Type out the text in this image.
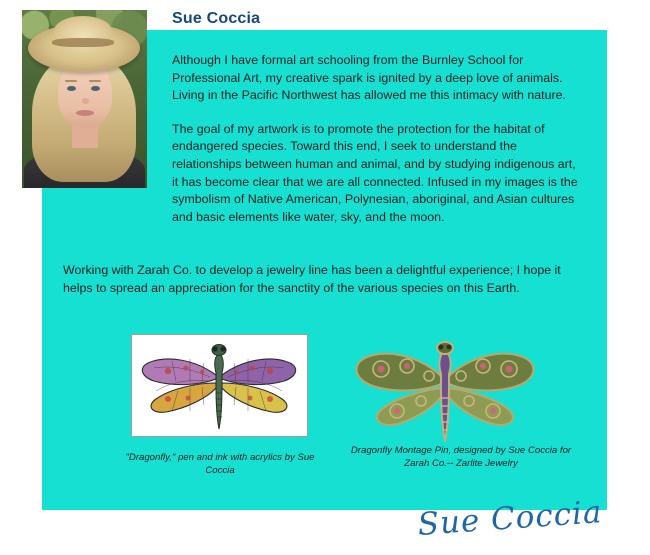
Sue Coccia

Although I have formal art schooling from the Burnley School for Professional Art, my creative spark is ignited by a deep love of animals. Living in the Pacific Northwest has allowed me this intimacy with nature.

The goal of my artwork is to promote the protection for the habitat of endangered species. Toward this end, I seek to understand the relationships between human and animal, and by studying indigenous art, it has become clear that we are all connected. Infused in my images is the symbolism of Native American, Polynesian, aboriginal, and Asian cultures and basic elements like water, sky, and the moon.

Working with Zarah Co. to develop a jewelry line has been a delightful experience; I hope it helps to spread an appreciation for the sanctity of the various species on this Earth.
"Dragonfly," pen and ink with acrylics by Sue Coccia
Dragonfly Montage Pin, designed by Sue Coccia for Zarah Co.-- Zarlite Jewelry
Sue Coccia
